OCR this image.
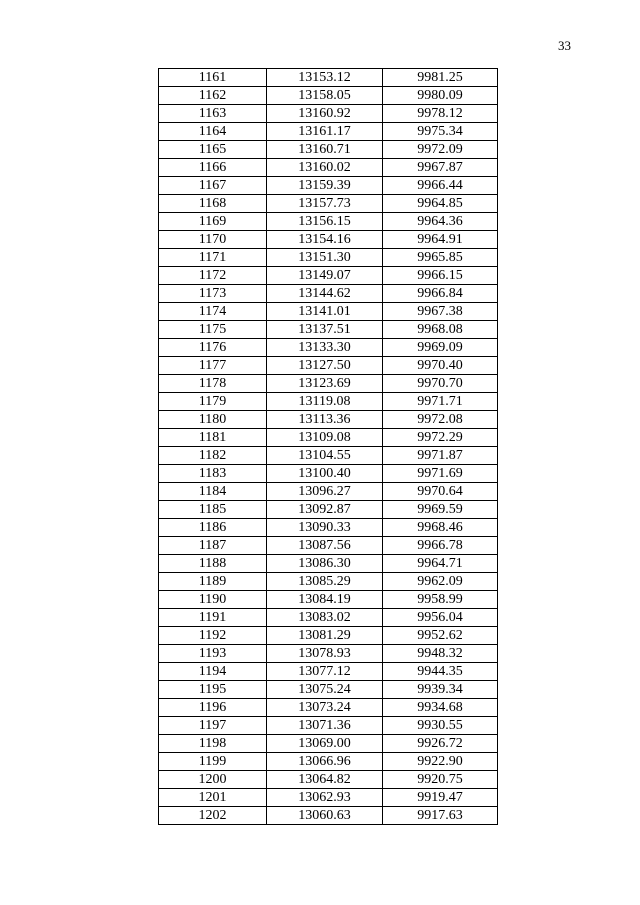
33
1161	13153.12	9981.25
1162	13158.05	9980.09
1163	13160.92	9978.12
1164	13161.17	9975.34
1165	13160.71	9972.09
1166	13160.02	9967.87
1167	13159.39	9966.44
1168	13157.73	9964.85
1169	13156.15	9964.36
1170	13154.16	9964.91
1171	13151.30	9965.85
1172	13149.07	9966.15
1173	13144.62	9966.84
1174	13141.01	9967.38
1175	13137.51	9968.08
1176	13133.30	9969.09
1177	13127.50	9970.40
1178	13123.69	9970.70
1179	13119.08	9971.71
1180	13113.36	9972.08
1181	13109.08	9972.29
1182	13104.55	9971.87
1183	13100.40	9971.69
1184	13096.27	9970.64
1185	13092.87	9969.59
1186	13090.33	9968.46
1187	13087.56	9966.78
1188	13086.30	9964.71
1189	13085.29	9962.09
1190	13084.19	9958.99
1191	13083.02	9956.04
1192	13081.29	9952.62
1193	13078.93	9948.32
1194	13077.12	9944.35
1195	13075.24	9939.34
1196	13073.24	9934.68
1197	13071.36	9930.55
1198	13069.00	9926.72
1199	13066.96	9922.90
1200	13064.82	9920.75
1201	13062.93	9919.47
1202	13060.63	9917.63
